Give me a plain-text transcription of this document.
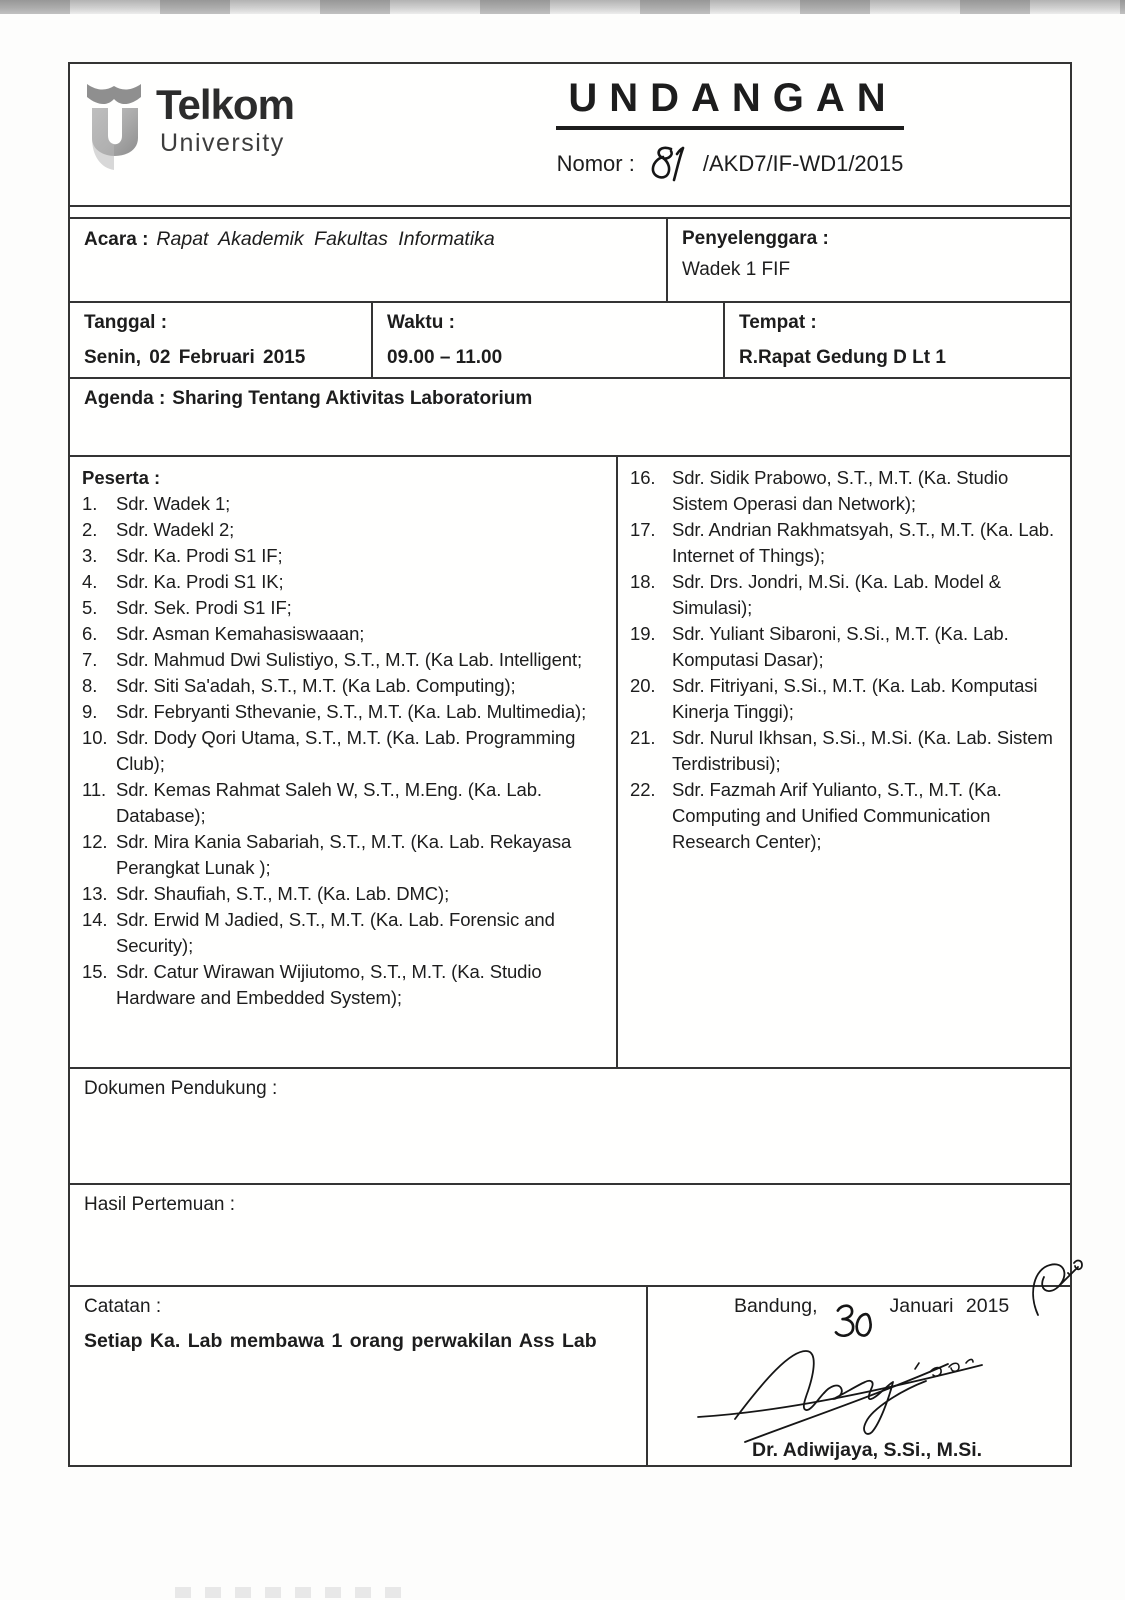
Telkom
University
UNDANGAN
Nomor :	/AKD7/IF-WD1/2015
Acara : Rapat Akademik Fakultas Informatika	Penyelenggara :
Wadek 1 FIF
Tanggal :
Senin, 02 Februari 2015
Waktu :
09.00 – 11.00
Tempat :
R.Rapat Gedung D Lt 1
Agenda : Sharing Tentang Aktivitas Laboratorium
Peserta :
1.	Sdr. Wadek 1;
2.	Sdr. Wadekl 2;
3.	Sdr. Ka. Prodi S1 IF;
4.	Sdr. Ka. Prodi S1 IK;
5.	Sdr. Sek. Prodi S1 IF;
6.	Sdr. Asman Kemahasiswaaan;
7.	Sdr. Mahmud Dwi Sulistiyo, S.T., M.T. (Ka Lab. Intelligent;
8.	Sdr. Siti Sa'adah, S.T., M.T. (Ka Lab. Computing);
9.	Sdr. Febryanti Sthevanie, S.T., M.T. (Ka. Lab. Multimedia);
10. Sdr. Dody Qori Utama, S.T., M.T. (Ka. Lab. Programming Club);
11. Sdr. Kemas Rahmat Saleh W, S.T., M.Eng. (Ka. Lab. Database);
12. Sdr. Mira Kania Sabariah, S.T., M.T. (Ka. Lab. Rekayasa Perangkat Lunak );
13. Sdr. Shaufiah, S.T., M.T. (Ka. Lab. DMC);
14. Sdr. Erwid M Jadied, S.T., M.T. (Ka. Lab. Forensic and Security);
15. Sdr. Catur Wirawan Wijiutomo, S.T., M.T. (Ka. Studio Hardware and Embedded System);
16. Sdr. Sidik Prabowo, S.T., M.T. (Ka. Studio Sistem Operasi dan Network);
17. Sdr. Andrian Rakhmatsyah, S.T., M.T. (Ka. Lab. Internet of Things);
18. Sdr. Drs. Jondri, M.Si. (Ka. Lab. Model & Simulasi);
19. Sdr. Yuliant Sibaroni, S.Si., M.T. (Ka. Lab. Komputasi Dasar);
20. Sdr. Fitriyani, S.Si., M.T. (Ka. Lab. Komputasi Kinerja Tinggi);
21. Sdr. Nurul Ikhsan, S.Si., M.Si. (Ka. Lab. Sistem Terdistribusi);
22. Sdr. Fazmah Arif Yulianto, S.T., M.T. (Ka. Computing and Unified Communication Research Center);
Dokumen Pendukung :
Hasil Pertemuan :
Catatan :
Setiap Ka. Lab membawa 1 orang perwakilan Ass Lab
Bandung,	Januari 2015
Dr. Adiwijaya, S.Si., M.Si.
